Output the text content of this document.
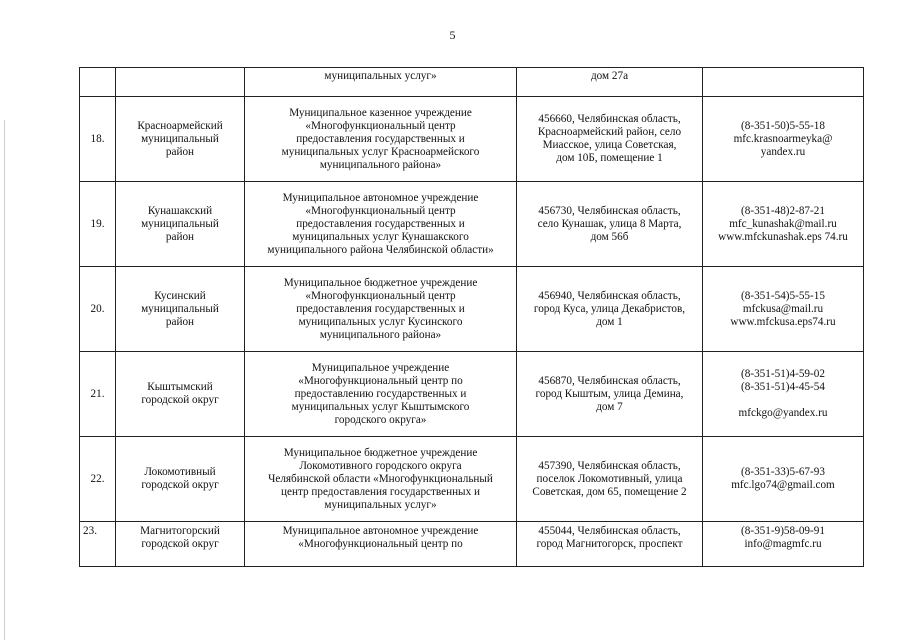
5

		муниципальных услуг»	дом 27а	

18.	Красноармейский
муниципальный
район	Муниципальное казенное учреждение
«Многофункциональный центр
предоставления государственных и
муниципальных услуг Красноармейского
муниципального района»	456660, Челябинская область,
Красноармейский район, село
Миасское, улица Советская,
дом 10Б, помещение 1	(8-351-50)5-55-18
mfc.krasnoarmeyka@
yandex.ru

19.	Кунашакский
муниципальный
район	Муниципальное автономное учреждение
«Многофункциональный центр
предоставления государственных и
муниципальных услуг Кунашакского
муниципального района Челябинской области»	456730, Челябинская область,
село Кунашак, улица 8 Марта,
дом 56б	(8-351-48)2-87-21
mfc_kunashak@mail.ru
www.mfckunashak.eps 74.ru

20.	Кусинский
муниципальный
район	Муниципальное бюджетное учреждение
«Многофункциональный центр
предоставления государственных и
муниципальных услуг Кусинского
муниципального района»	456940, Челябинская область,
город Куса, улица Декабристов,
дом 1	(8-351-54)5-55-15
mfckusa@mail.ru
www.mfckusa.eps74.ru

21.	Кыштымский
городской округ	Муниципальное учреждение
«Многофункциональный центр по
предоставлению государственных и
муниципальных услуг Кыштымского
городского округа»	456870, Челябинская область,
город Кыштым, улица Демина,
дом 7	(8-351-51)4-59-02
(8-351-51)4-45-54
mfckgo@yandex.ru

22.	Локомотивный
городской округ	Муниципальное бюджетное учреждение
Локомотивного городского округа
Челябинской области «Многофункциональный
центр предоставления государственных и
муниципальных услуг»	457390, Челябинская область,
поселок Локомотивный, улица
Советская, дом 65, помещение 2	(8-351-33)5-67-93
mfc.lgo74@gmail.com

23.	Магнитогорский
городской округ	Муниципальное автономное учреждение
«Многофункциональный центр по	455044, Челябинская область,
город Магнитогорск, проспект	(8-351-9)58-09-91
info@magmfc.ru
